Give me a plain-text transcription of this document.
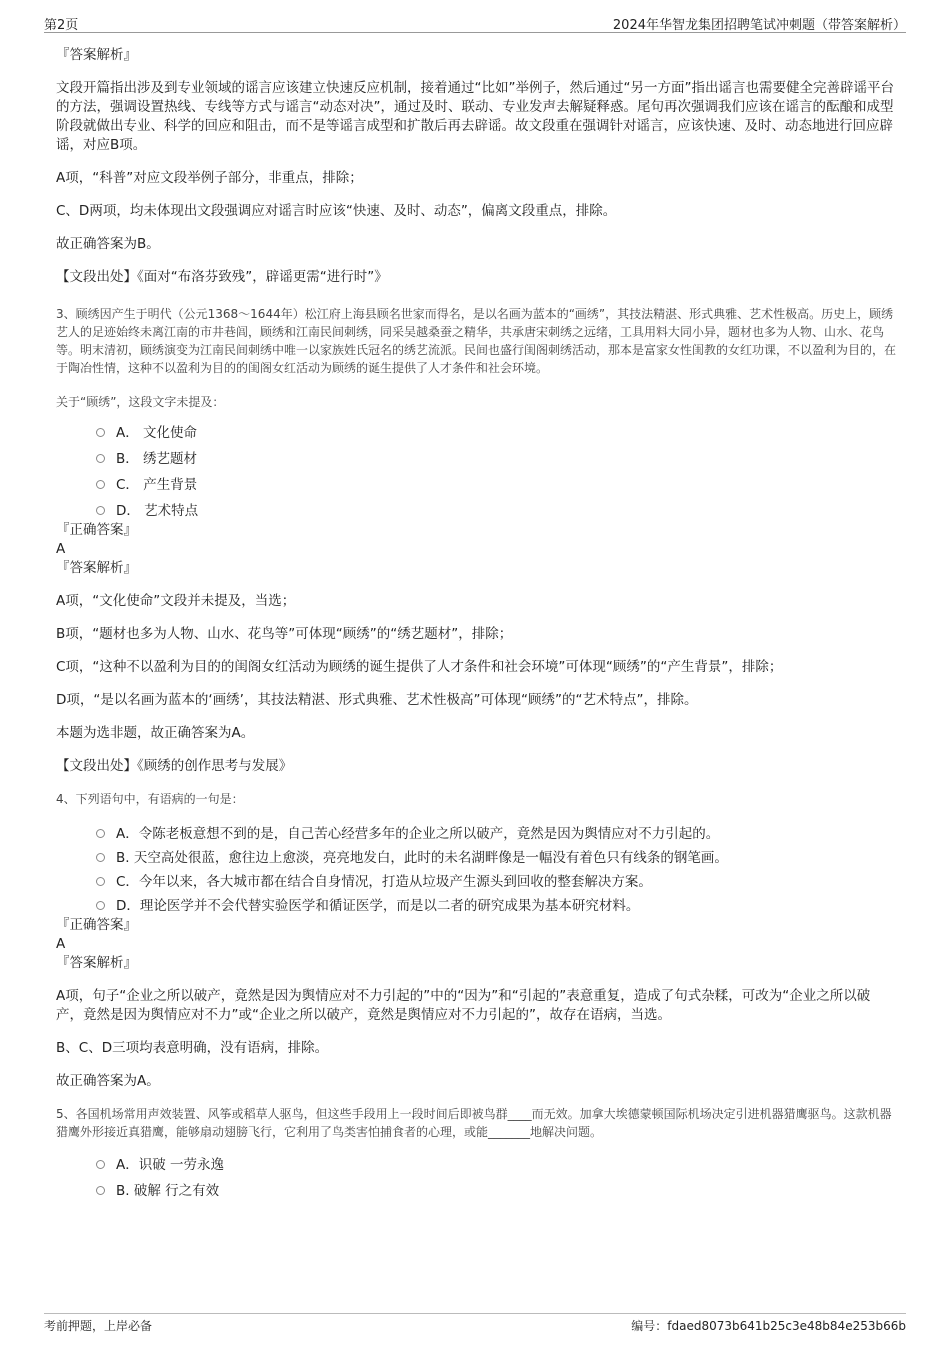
第2页	2024年华智龙集团招聘笔试冲刺题（带答案解析）

『答案解析』

文段开篇指出涉及到专业领域的谣言应该建立快速反应机制，接着通过“比如”举例子，然后通过“另一方面”指出谣言也需要健全完善辟谣平台的方法，强调设置热线、专线等方式与谣言“动态对决”，通过及时、联动、专业发声去解疑释惑。尾句再次强调我们应该在谣言的酝酿和成型阶段就做出专业、科学的回应和阻击，而不是等谣言成型和扩散后再去辟谣。故文段重在强调针对谣言，应该快速、及时、动态地进行回应辟谣，对应B项。

A项，“科普”对应文段举例子部分，非重点，排除；

C、D两项，均未体现出文段强调应对谣言时应该“快速、及时、动态”，偏离文段重点，排除。

故正确答案为B。

【文段出处】《面对“布洛芬致残”，辟谣更需“进行时”》

3、顾绣因产生于明代（公元1368～1644年）松江府上海县顾名世家而得名，是以名画为蓝本的“画绣”，其技法精湛、形式典雅、艺术性极高。历史上，顾绣艺人的足迹始终未离江南的市井巷闾，顾绣和江南民间刺绣，同采吴越桑蚕之精华，共承唐宋刺绣之远绪，工具用料大同小异，题材也多为人物、山水、花鸟等。明末清初，顾绣演变为江南民间刺绣中唯一以家族姓氏冠名的绣艺流派。民间也盛行闺阁刺绣活动，那本是富家女性闺教的女红功课，不以盈利为目的，在于陶冶性情，这种不以盈利为目的的闺阁女红活动为顾绣的诞生提供了人才条件和社会环境。

关于“顾绣”，这段文字未提及：

A． 文化使命
B． 绣艺题材
C． 产生背景
D． 艺术特点

『正确答案』

A

『答案解析』

A项，“文化使命”文段并未提及，当选；

B项，“题材也多为人物、山水、花鸟等”可体现“顾绣”的“绣艺题材”，排除；

C项，“这种不以盈利为目的的闺阁女红活动为顾绣的诞生提供了人才条件和社会环境”可体现“顾绣”的“产生背景”，排除；

D项，“是以名画为蓝本的‘画绣’，其技法精湛、形式典雅、艺术性极高”可体现“顾绣”的“艺术特点”，排除。

本题为选非题，故正确答案为A。

【文段出处】《顾绣的创作思考与发展》

4、下列语句中，有语病的一句是：

A．令陈老板意想不到的是，自己苦心经营多年的企业之所以破产，竟然是因为舆情应对不力引起的。
B. 天空高处很蓝，愈往边上愈淡，亮亮地发白，此时的未名湖畔像是一幅没有着色只有线条的钢笔画。
C．今年以来，各大城市都在结合自身情况，打造从垃圾产生源头到回收的整套解决方案。
D．理论医学并不会代替实验医学和循证医学，而是以二者的研究成果为基本研究材料。

『正确答案』

A

『答案解析』

A项，句子“企业之所以破产，竟然是因为舆情应对不力引起的”中的“因为”和“引起的”表意重复，造成了句式杂糅，可改为“企业之所以破产，竟然是因为舆情应对不力”或“企业之所以破产，竟然是舆情应对不力引起的”，故存在语病，当选。

B、C、D三项均表意明确，没有语病，排除。

故正确答案为A。

5、各国机场常用声效装置、风筝或稻草人驱鸟，但这些手段用上一段时间后即被鸟群____而无效。加拿大埃德蒙顿国际机场决定引进机器猎鹰驱鸟。这款机器猎鹰外形接近真猎鹰，能够扇动翅膀飞行，它利用了鸟类害怕捕食者的心理，或能_______地解决问题。

A．识破 一劳永逸
B. 破解 行之有效
考前押题，上岸必备	编号：fdaed8073b641b25c3e48b84e253b66b
